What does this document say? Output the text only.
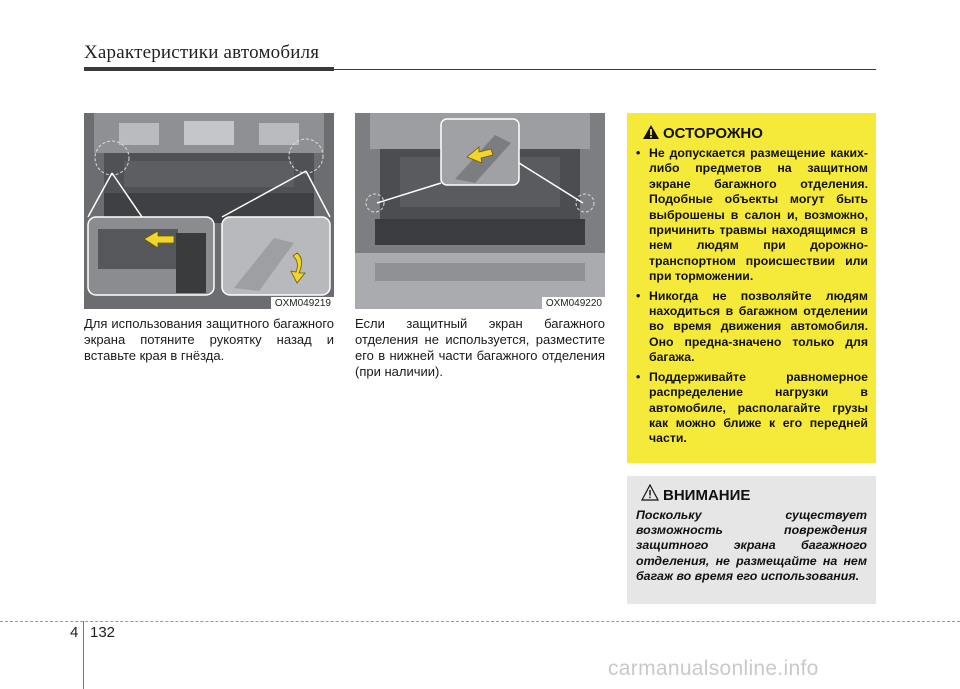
Характеристики автомобиля
OXM049219	OXM049220
Для использования защитного багажного экрана потяните рукоятку назад и вставьте края в гнёзда.
Если защитный экран багажного отделения не используется, разместите его в нижней части багажного отделения (при наличии).
ОСТОРОЖНО
• Не допускается размещение каких-либо предметов на защитном экране багажного отделения. Подобные объекты могут быть выброшены в салон и, возможно, причинить травмы находящимся в нем людям при дорожно-транспортном происшествии или при торможении.
• Никогда не позволяйте людям находиться в багажном отделении во время движения автомобиля. Оно предна-значено только для багажа.
• Поддерживайте равномерное распределение нагрузки в автомобиле, располагайте грузы как можно ближе к его передней части.
ВНИМАНИЕ
Поскольку существует возможность повреждения защитного экрана багажного отделения, не размещайте на нем багаж во время его использования.
4 132
carmanualsonline.info
